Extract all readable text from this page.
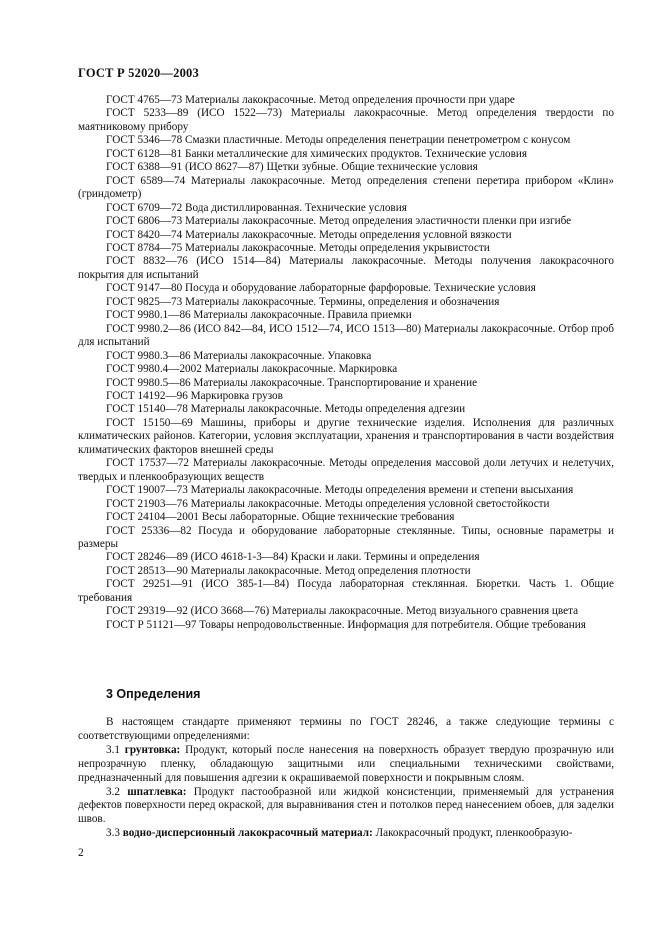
ГОСТ Р 52020—2003

ГОСТ 4765—73 Материалы лакокрасочные. Метод определения прочности при ударе

ГОСТ 5233—89 (ИСО 1522—73) Материалы лакокрасочные. Метод определения твердости по маятниковому прибору

ГОСТ 5346—78 Смазки пластичные. Методы определения пенетрации пенетрометром с конусом

ГОСТ 6128—81 Банки металлические для химических продуктов. Технические условия

ГОСТ 6388—91 (ИСО 8627—87) Щетки зубные. Общие технические условия

ГОСТ 6589—74 Материалы лакокрасочные. Метод определения степени перетира прибором «Клин» (гриндометр)

ГОСТ 6709—72 Вода дистиллированная. Технические условия

ГОСТ 6806—73 Материалы лакокрасочные. Метод определения эластичности пленки при изгибе

ГОСТ 8420—74 Материалы лакокрасочные. Методы определения условной вязкости

ГОСТ 8784—75 Материалы лакокрасочные. Методы определения укрывистости

ГОСТ 8832—76 (ИСО 1514—84) Материалы лакокрасочные. Методы получения лакокрасочного покрытия для испытаний

ГОСТ 9147—80 Посуда и оборудование лабораторные фарфоровые. Технические условия

ГОСТ 9825—73 Материалы лакокрасочные. Термины, определения и обозначения

ГОСТ 9980.1—86 Материалы лакокрасочные. Правила приемки

ГОСТ 9980.2—86 (ИСО 842—84, ИСО 1512—74, ИСО 1513—80) Материалы лакокрасочные. Отбор проб для испытаний

ГОСТ 9980.3—86 Материалы лакокрасочные. Упаковка

ГОСТ 9980.4—2002 Материалы лакокрасочные. Маркировка

ГОСТ 9980.5—86 Материалы лакокрасочные. Транспортирование и хранение

ГОСТ 14192—96 Маркировка грузов

ГОСТ 15140—78 Материалы лакокрасочные. Методы определения адгезии

ГОСТ 15150—69 Машины, приборы и другие технические изделия. Исполнения для различных климатических районов. Категории, условия эксплуатации, хранения и транспортирования в части воздействия климатических факторов внешней среды

ГОСТ 17537—72 Материалы лакокрасочные. Методы определения массовой доли летучих и нелетучих, твердых и пленкообразующих веществ

ГОСТ 19007—73 Материалы лакокрасочные. Методы определения времени и степени высыхания

ГОСТ 21903—76 Материалы лакокрасочные. Методы определения условной светостойкости

ГОСТ 24104—2001 Весы лабораторные. Общие технические требования

ГОСТ 25336—82 Посуда и оборудование лабораторные стеклянные. Типы, основные параметры и размеры

ГОСТ 28246—89 (ИСО 4618-1-3—84) Краски и лаки. Термины и определения

ГОСТ 28513—90 Материалы лакокрасочные. Метод определения плотности

ГОСТ 29251—91 (ИСО 385-1—84) Посуда лабораторная стеклянная. Бюретки. Часть 1. Общие требования

ГОСТ 29319—92 (ИСО 3668—76) Материалы лакокрасочные. Метод визуального сравнения цвета

ГОСТ Р 51121—97 Товары непродовольственные. Информация для потребителя. Общие требования

3 Определения

В настоящем стандарте применяют термины по ГОСТ 28246, а также следующие термины с соответствующими определениями:

3.1 грунтовка: Продукт, который после нанесения на поверхность образует твердую прозрачную или непрозрачную пленку, обладающую защитными или специальными техническими свойствами, предназначенный для повышения адгезии к окрашиваемой поверхности и покрывным слоям.

3.2 шпатлевка: Продукт пастообразной или жидкой консистенции, применяемый для устранения дефектов поверхности перед окраской, для выравнивания стен и потолков перед нанесением обоев, для заделки швов.

3.3 водно-дисперсионный лакокрасочный материал: Лакокрасочный продукт, пленкообразую-

2
